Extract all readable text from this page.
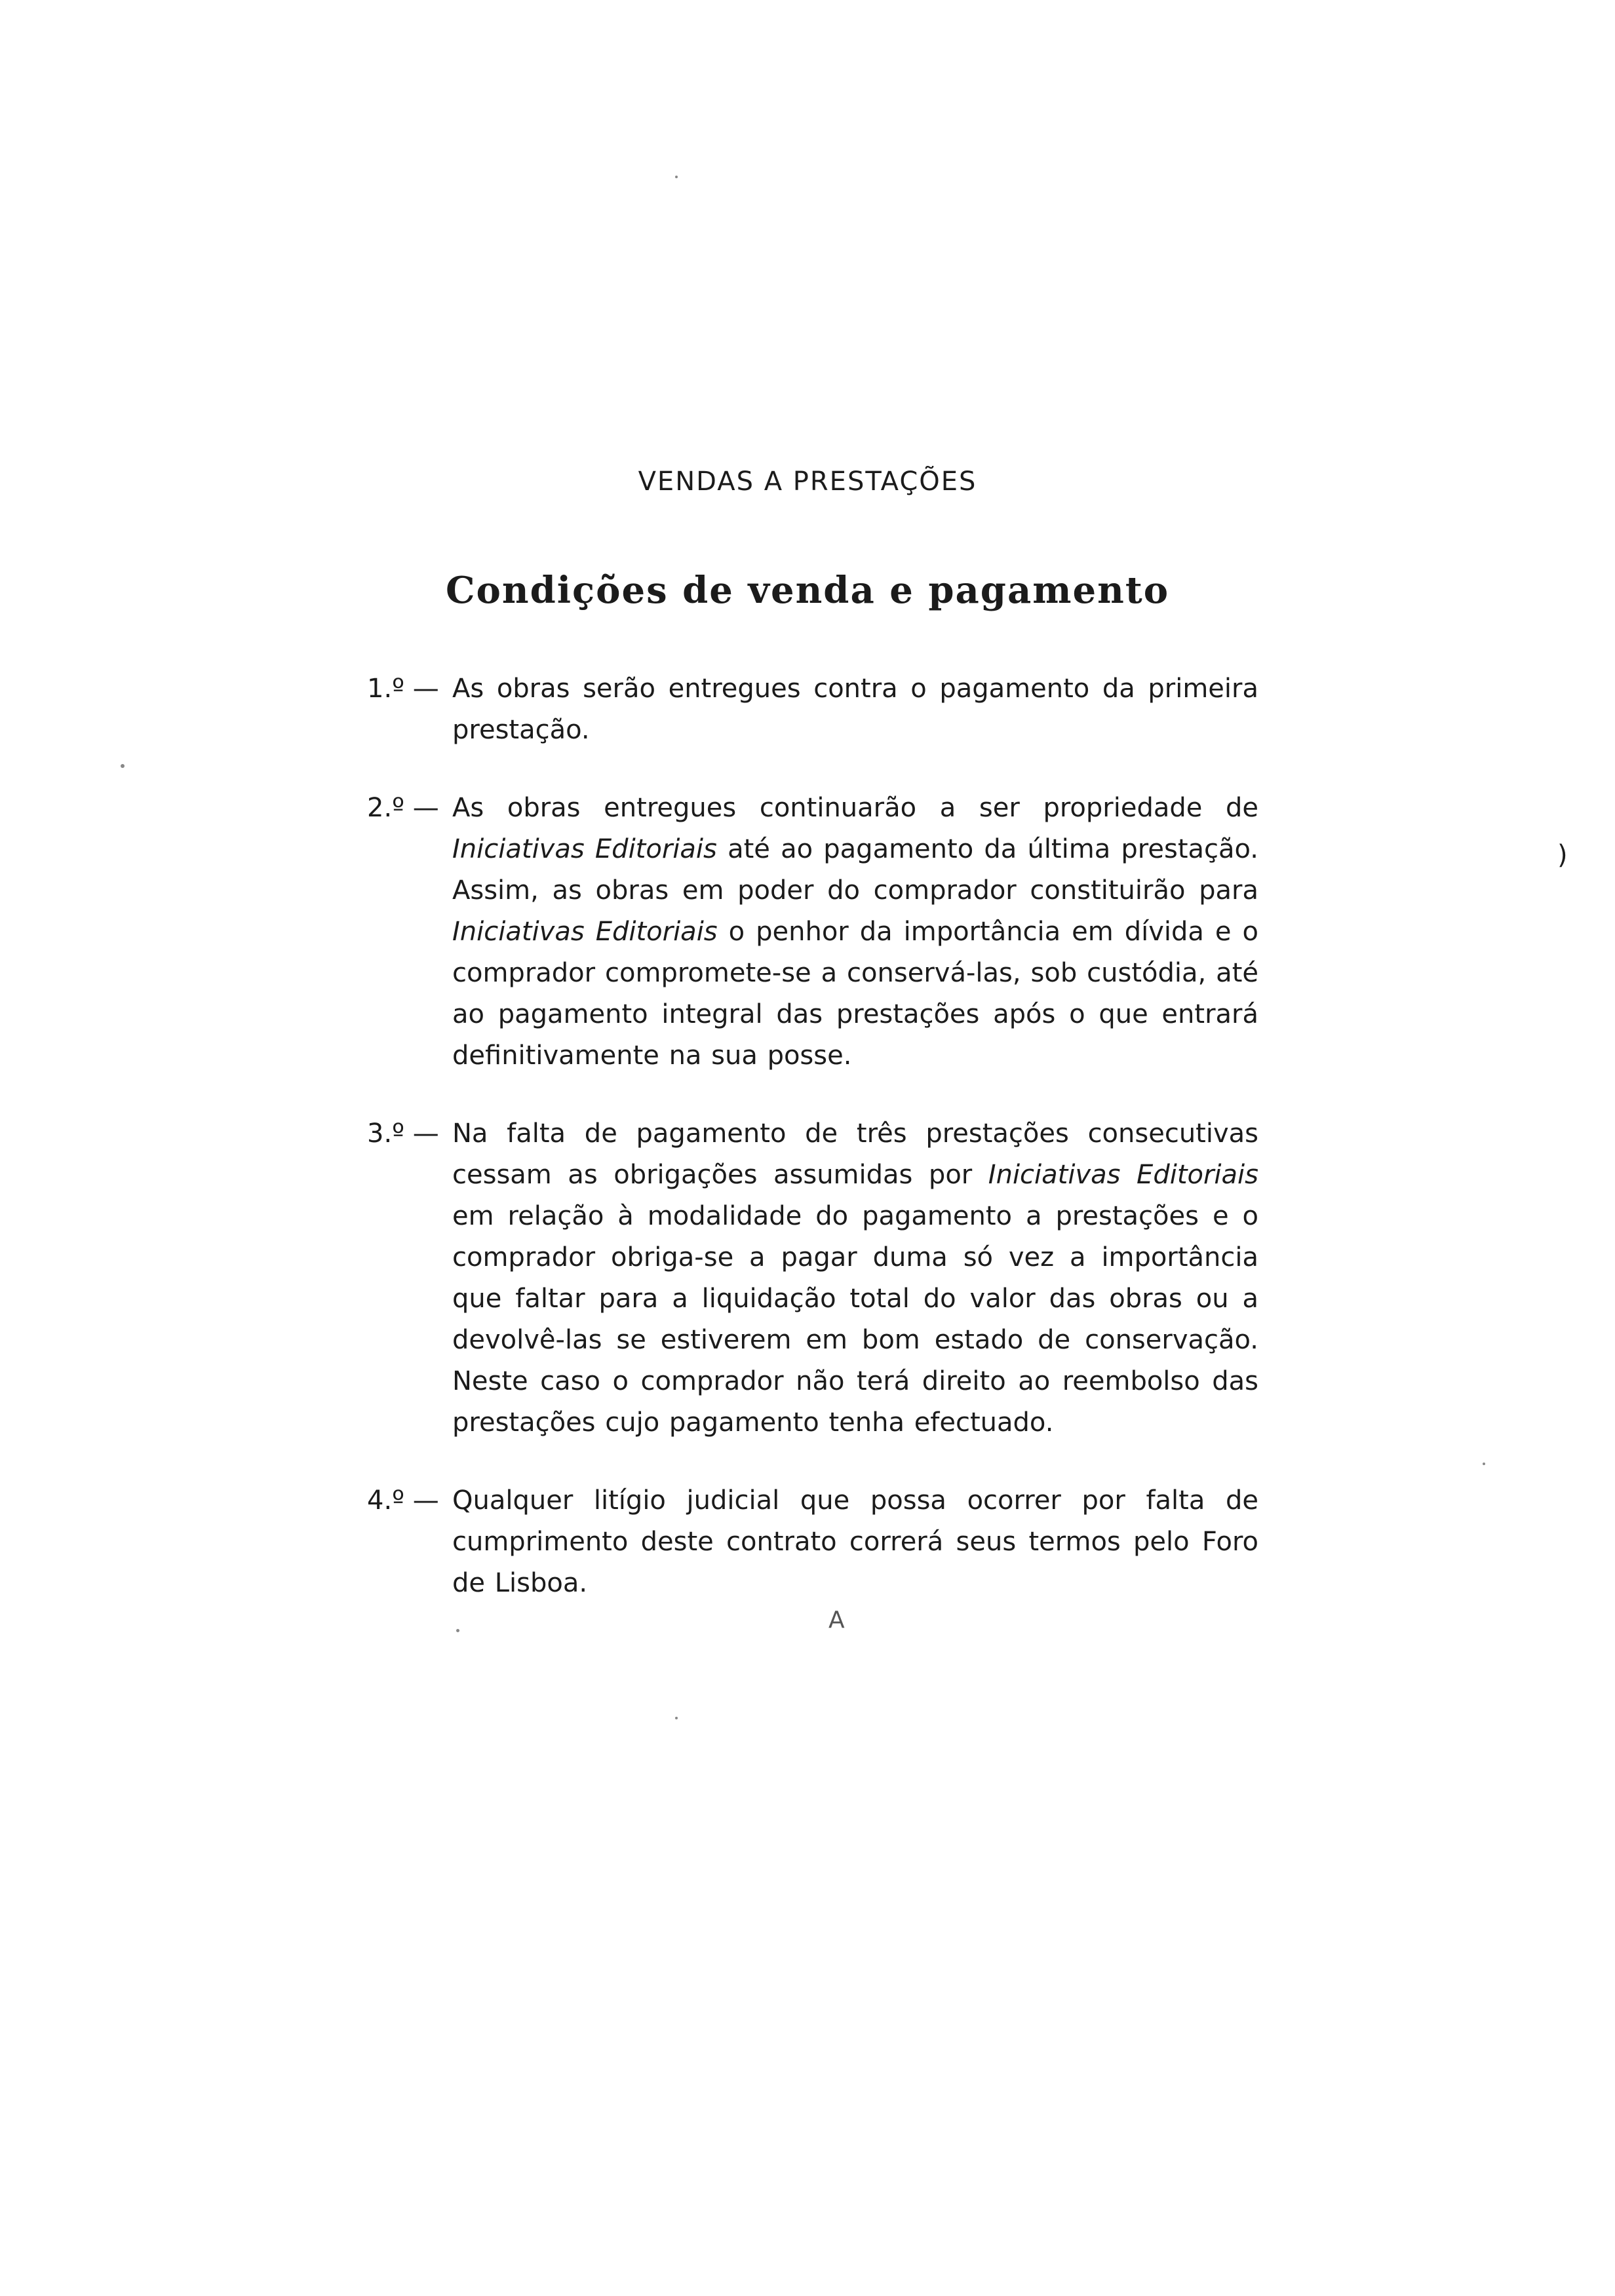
VENDAS A PRESTAÇÕES
Condições de venda e pagamento
1.º — As obras serão entregues contra o pagamento da primeira prestação.
2.º — As obras entregues continuarão a ser propriedade de Iniciativas Editoriais até ao pagamento da última prestação. Assim, as obras em poder do comprador constituirão para Iniciativas Editoriais o penhor da importância em dívida e o comprador compromete-se a conservá-las, sob custódia, até ao pagamento integral das prestações após o que entrará definitivamente na sua posse.
3.º — Na falta de pagamento de três prestações consecutivas cessam as obrigações assumidas por Iniciativas Editoriais em relação à modalidade do pagamento a prestações e o comprador obriga-se a pagar duma só vez a importância que faltar para a liquidação total do valor das obras ou a devolvê-las se estiverem em bom estado de conservação. Neste caso o comprador não terá direito ao reembolso das prestações cujo pagamento tenha efectuado.
4.º — Qualquer litígio judicial que possa ocorrer por falta de cumprimento deste contrato correrá seus termos pelo Foro de Lisboa.
)
A
